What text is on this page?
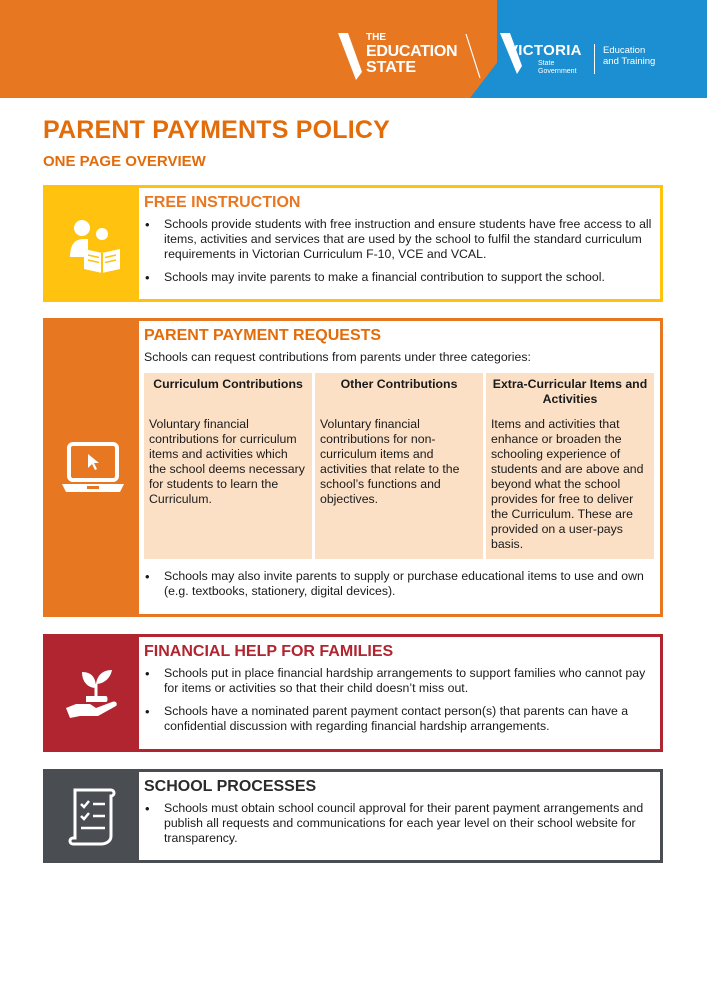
THE
EDUCATION
STATE
VICTORIA
State
Government
Education
and Training
PARENT PAYMENTS POLICY
ONE PAGE OVERVIEW
FREE INSTRUCTION
• Schools provide students with free instruction and ensure students have free access to all items, activities and services that are used by the school to fulfil the standard curriculum requirements in Victorian Curriculum F-10, VCE and VCAL.
• Schools may invite parents to make a financial contribution to support the school.
PARENT PAYMENT REQUESTS
Schools can request contributions from parents under three categories:
Curriculum Contributions
Voluntary financial contributions for curriculum items and activities which the school deems necessary for students to learn the Curriculum.
Other Contributions
Voluntary financial contributions for non-curriculum items and activities that relate to the school’s functions and objectives.
Extra-Curricular Items and Activities
Items and activities that enhance or broaden the schooling experience of students and are above and beyond what the school provides for free to deliver the Curriculum. These are provided on a user-pays basis.
• Schools may also invite parents to supply or purchase educational items to use and own (e.g. textbooks, stationery, digital devices).
FINANCIAL HELP FOR FAMILIES
• Schools put in place financial hardship arrangements to support families who cannot pay for items or activities so that their child doesn’t miss out.
• Schools have a nominated parent payment contact person(s) that parents can have a confidential discussion with regarding financial hardship arrangements.
SCHOOL PROCESSES
• Schools must obtain school council approval for their parent payment arrangements and publish all requests and communications for each year level on their school website for transparency.
